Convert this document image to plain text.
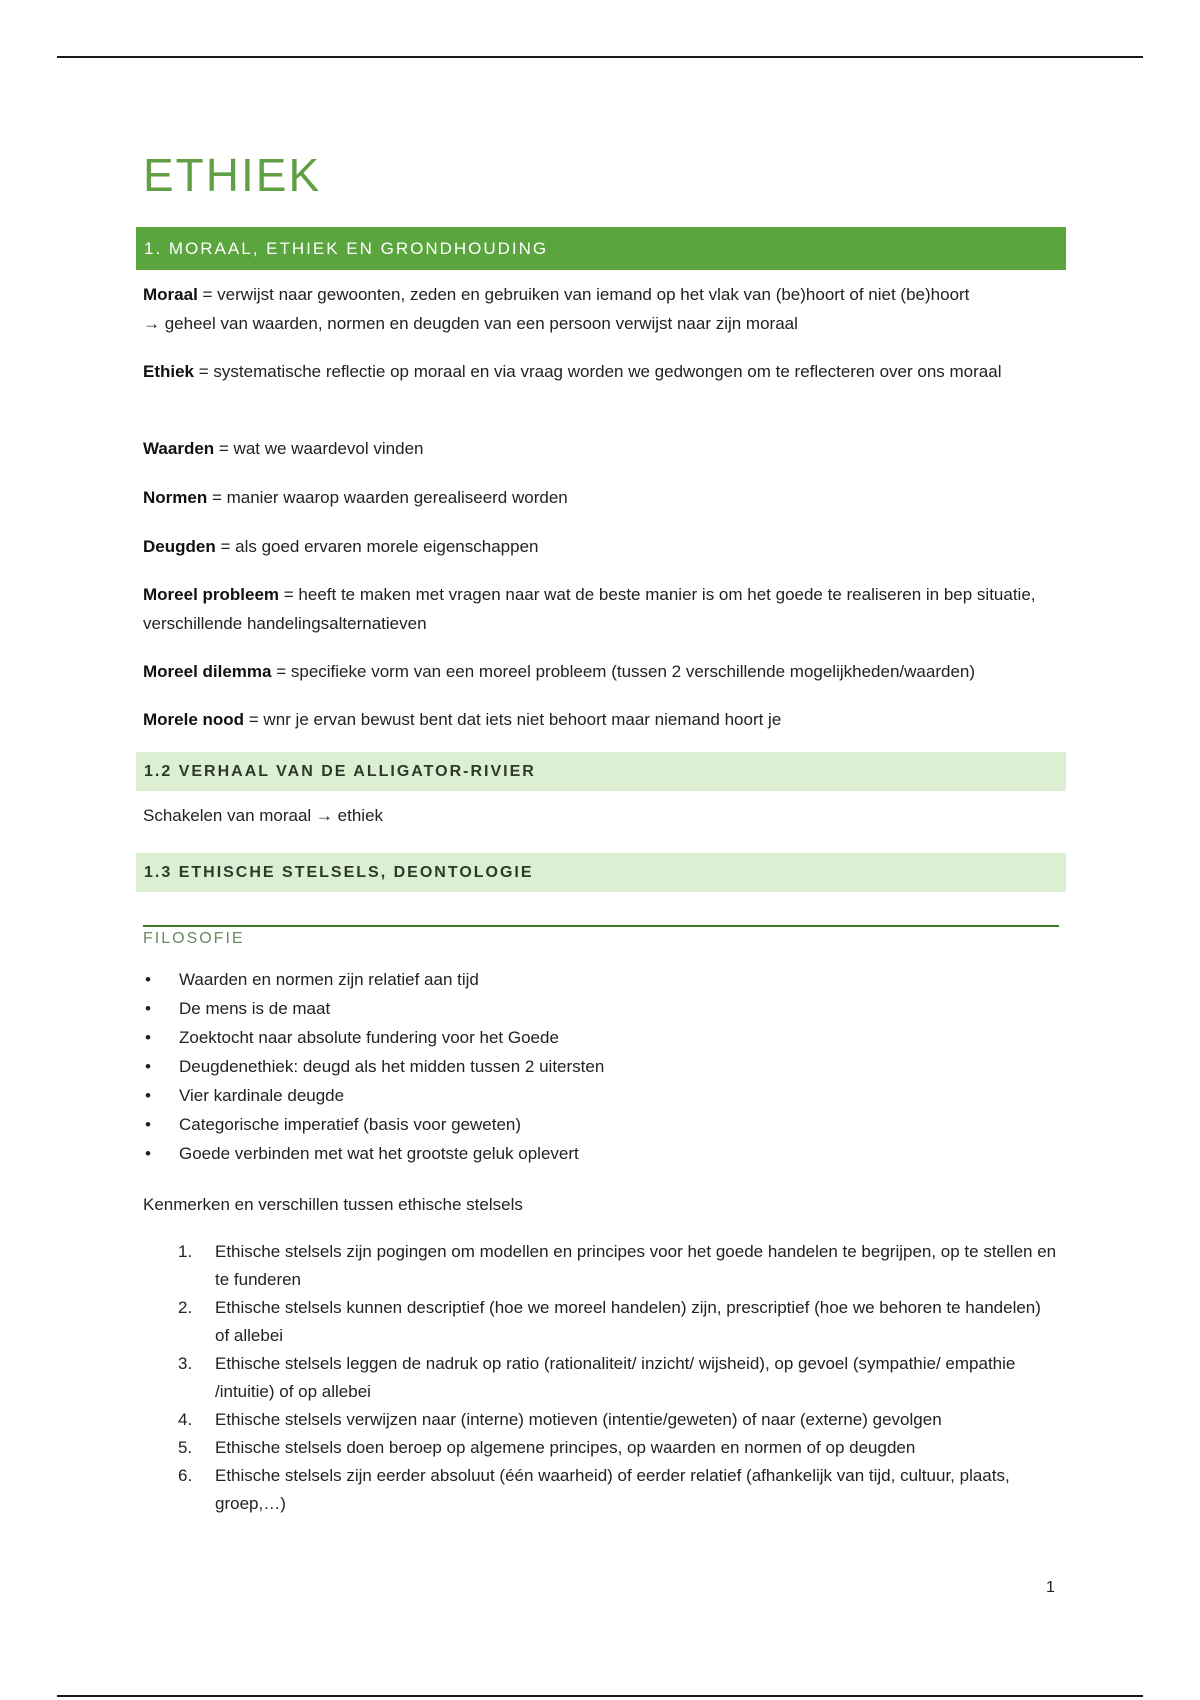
ETHIEK
1. MORAAL, ETHIEK EN GRONDHOUDING

Moraal = verwijst naar gewoonten, zeden en gebruiken van iemand op het vlak van (be)hoort of niet (be)hoort
→ geheel van waarden, normen en deugden van een persoon verwijst naar zijn moraal

Ethiek = systematische reflectie op moraal en via vraag worden we gedwongen om te reflecteren over ons moraal

Waarden = wat we waardevol vinden

Normen = manier waarop waarden gerealiseerd worden

Deugden = als goed ervaren morele eigenschappen

Moreel probleem = heeft te maken met vragen naar wat de beste manier is om het goede te realiseren in bep situatie, verschillende handelingsalternatieven

Moreel dilemma = specifieke vorm van een moreel probleem (tussen 2 verschillende mogelijkheden/waarden)

Morele nood = wnr je ervan bewust bent dat iets niet behoort maar niemand hoort je

1.2 VERHAAL VAN DE ALLIGATOR-RIVIER

Schakelen van moraal → ethiek

1.3 ETHISCHE STELSELS, DEONTOLOGIE
FILOSOFIE
• Waarden en normen zijn relatief aan tijd
• De mens is de maat
• Zoektocht naar absolute fundering voor het Goede
• Deugdenethiek: deugd als het midden tussen 2 uitersten
• Vier kardinale deugde
• Categorische imperatief (basis voor geweten)
• Goede verbinden met wat het grootste geluk oplevert

Kenmerken en verschillen tussen ethische stelsels

1. Ethische stelsels zijn pogingen om modellen en principes voor het goede handelen te begrijpen, op te stellen en te funderen
2. Ethische stelsels kunnen descriptief (hoe we moreel handelen) zijn, prescriptief (hoe we behoren te handelen) of allebei
3. Ethische stelsels leggen de nadruk op ratio (rationaliteit/ inzicht/ wijsheid), op gevoel (sympathie/ empathie /intuitie) of op allebei
4. Ethische stelsels verwijzen naar (interne) motieven (intentie/geweten) of naar (externe) gevolgen
5. Ethische stelsels doen beroep op algemene principes, op waarden en normen of op deugden
6. Ethische stelsels zijn eerder absoluut (één waarheid) of eerder relatief (afhankelijk van tijd, cultuur, plaats, groep,…)
1
